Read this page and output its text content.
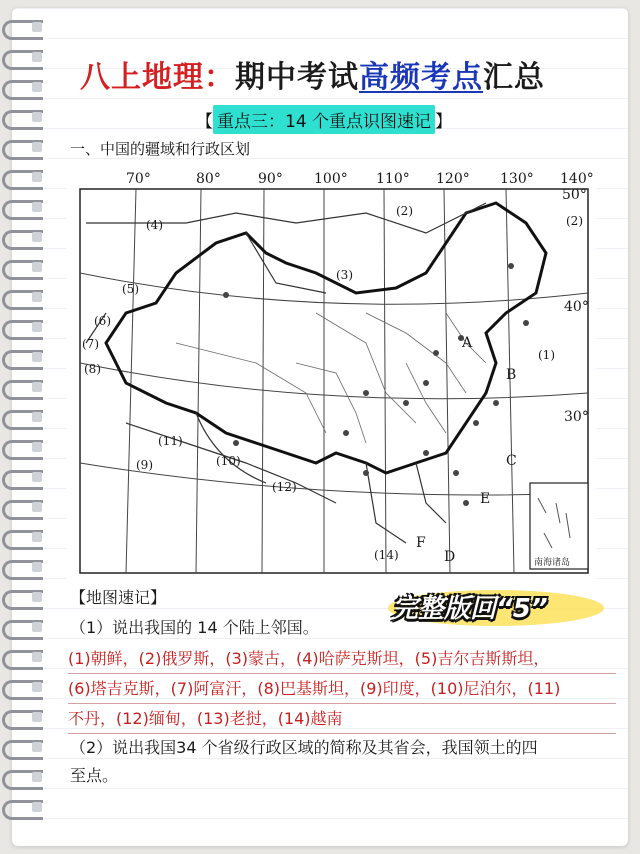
八上地理：期中考试高频考点汇总
【 重点三：14 个重点识图速记 】
一、中国的疆域和行政区划
70°	80°	90° 100° 110° 120° 130° 140°
50°
40°
30°
(2)
(4)
(3)
(5)
(6)
(7)
(8)
(9)	(10)
(11)
(12)
(14)
(1)
(2)
A
B
C
D
E
F
南海诸岛
完整版回“5”
【地图速记】
（1）说出我国的 14 个陆上邻国。
(1)朝鲜，(2)俄罗斯，(3)蒙古，(4)哈萨克斯坦，(5)吉尔吉斯斯坦，
(6)塔吉克斯，(7)阿富汗，(8)巴基斯坦，(9)印度，(10)尼泊尔，(11)
不丹，(12)缅甸，(13)老挝，(14)越南
（2）说出我国34 个省级行政区域的简称及其省会，我国领土的四
至点。
